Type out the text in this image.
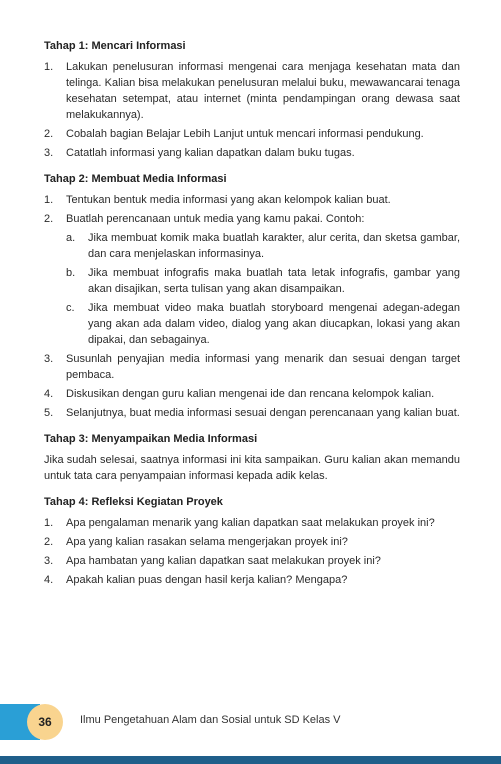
Tahap 1: Mencari Informasi
1. Lakukan penelusuran informasi mengenai cara menjaga kesehatan mata dan telinga. Kalian bisa melakukan penelusuran melalui buku, mewawancarai tenaga kesehatan setempat, atau internet (minta pendampingan orang dewasa saat melakukannya).
2. Cobalah bagian Belajar Lebih Lanjut untuk mencari informasi pendukung.
3. Catatlah informasi yang kalian dapatkan dalam buku tugas.
Tahap 2: Membuat Media Informasi
1. Tentukan bentuk media informasi yang akan kelompok kalian buat.
2. Buatlah perencanaan untuk media yang kamu pakai. Contoh:
a. Jika membuat komik maka buatlah karakter, alur cerita, dan sketsa gambar, dan cara menjelaskan informasinya.
b. Jika membuat infografis maka buatlah tata letak infografis, gambar yang akan disajikan, serta tulisan yang akan disampaikan.
c. Jika membuat video maka buatlah storyboard mengenai adegan-adegan yang akan ada dalam video, dialog yang akan diucapkan, lokasi yang akan dipakai, dan sebagainya.
3. Susunlah penyajian media informasi yang menarik dan sesuai dengan target pembaca.
4. Diskusikan dengan guru kalian mengenai ide dan rencana kelompok kalian.
5. Selanjutnya, buat media informasi sesuai dengan perencanaan yang kalian buat.
Tahap 3: Menyampaikan Media Informasi

Jika sudah selesai, saatnya informasi ini kita sampaikan. Guru kalian akan memandu untuk tata cara penyampaian informasi kepada adik kelas.

Tahap 4: Refleksi Kegiatan Proyek
1. Apa pengalaman menarik yang kalian dapatkan saat melakukan proyek ini?
2. Apa yang kalian rasakan selama mengerjakan proyek ini?
3. Apa hambatan yang kalian dapatkan saat melakukan proyek ini?
4. Apakah kalian puas dengan hasil kerja kalian? Mengapa?
36	Ilmu Pengetahuan Alam dan Sosial untuk SD Kelas V
